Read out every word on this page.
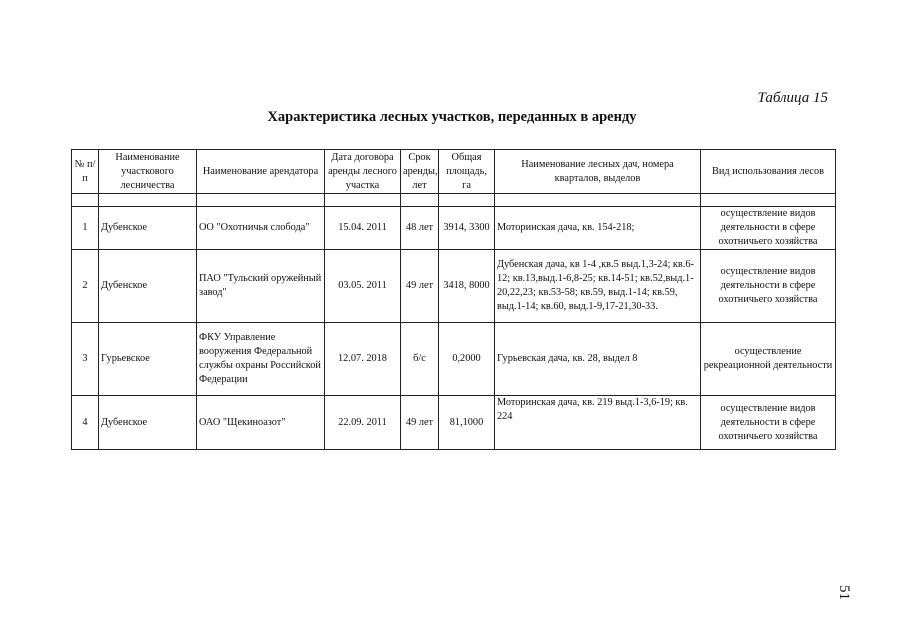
Таблица 15
Характеристика лесных участков, переданных в аренду
№ п/п	Наименование участкового лесничества	Наименование арендатора	Дата договора аренды лесного участка	Срок аренды, лет	Общая площадь, га	Наименование лесных дач, номера кварталов, выделов	Вид использования лесов

1	Дубенское	ОО "Охотничья слобода"	15.04. 2011	48 лет	3914, 3300	Моторинская дача, кв. 154-218;	осуществление видов деятельности в сфере охотничьего хозяйства
2	Дубенское	ПАО "Тульский оружейный завод"	03.05. 2011	49 лет	3418, 8000	Дубенская дача, кв 1-4 ,кв.5 выд.1,3-24; кв.6-12; кв.13,выд.1-6,8-25; кв.14-51; кв.52,выд.1-20,22,23; кв.53-58; кв.59, выд.1-14; кв.59, выд.1-14; кв.60, выд.1-9,17-21,30-33.	осуществление видов деятельности в сфере охотничьего хозяйства
3	Гурьевское	ФКУ Управление вооружения Федеральной службы охраны Российской Федерации	12.07. 2018	б/с	0,2000	Гурьевская дача, кв. 28, выдел 8	осуществление рекреационной деятельности
4	Дубенское	ОАО "Щекиноазот"	22.09. 2011	49 лет	81,1000	Моторинская дача, кв. 219 выд.1-3,6-19; кв. 224	осуществление видов деятельности в сфере охотничьего хозяйства
51
